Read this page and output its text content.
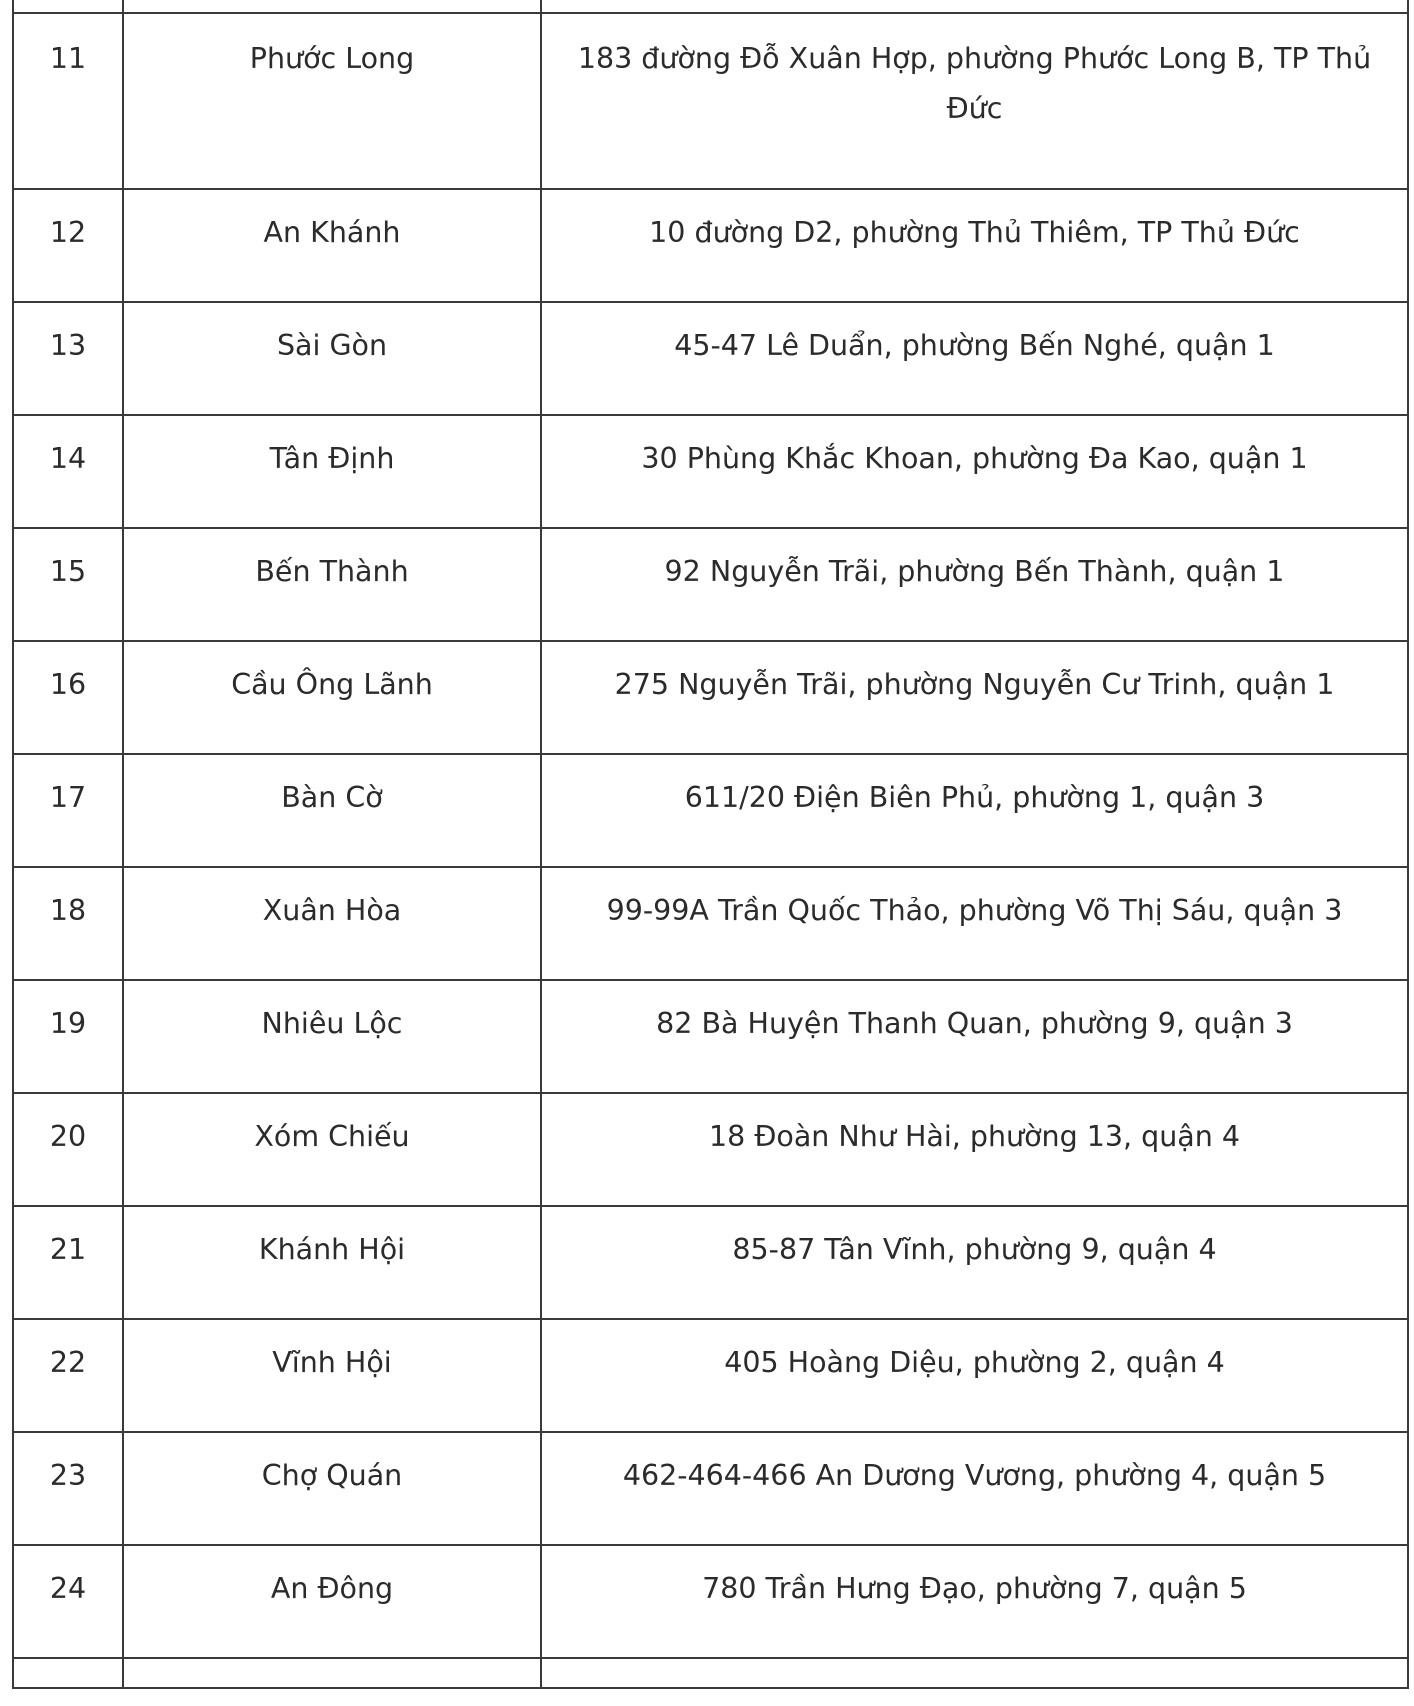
11	Phước Long	183 đường Đỗ Xuân Hợp, phường Phước Long B, TP Thủ Đức
12	An Khánh	10 đường D2, phường Thủ Thiêm, TP Thủ Đức
13	Sài Gòn	45-47 Lê Duẩn, phường Bến Nghé, quận 1
14	Tân Định	30 Phùng Khắc Khoan, phường Đa Kao, quận 1
15	Bến Thành	92 Nguyễn Trãi, phường Bến Thành, quận 1
16	Cầu Ông Lãnh	275 Nguyễn Trãi, phường Nguyễn Cư Trinh, quận 1
17	Bàn Cờ	611/20 Điện Biên Phủ, phường 1, quận 3
18	Xuân Hòa	99-99A Trần Quốc Thảo, phường Võ Thị Sáu, quận 3
19	Nhiêu Lộc	82 Bà Huyện Thanh Quan, phường 9, quận 3
20	Xóm Chiếu	18 Đoàn Như Hài, phường 13, quận 4
21	Khánh Hội	85-87 Tân Vĩnh, phường 9, quận 4
22	Vĩnh Hội	405 Hoàng Diệu, phường 2, quận 4
23	Chợ Quán	462-464-466 An Dương Vương, phường 4, quận 5
24	An Đông	780 Trần Hưng Đạo, phường 7, quận 5
